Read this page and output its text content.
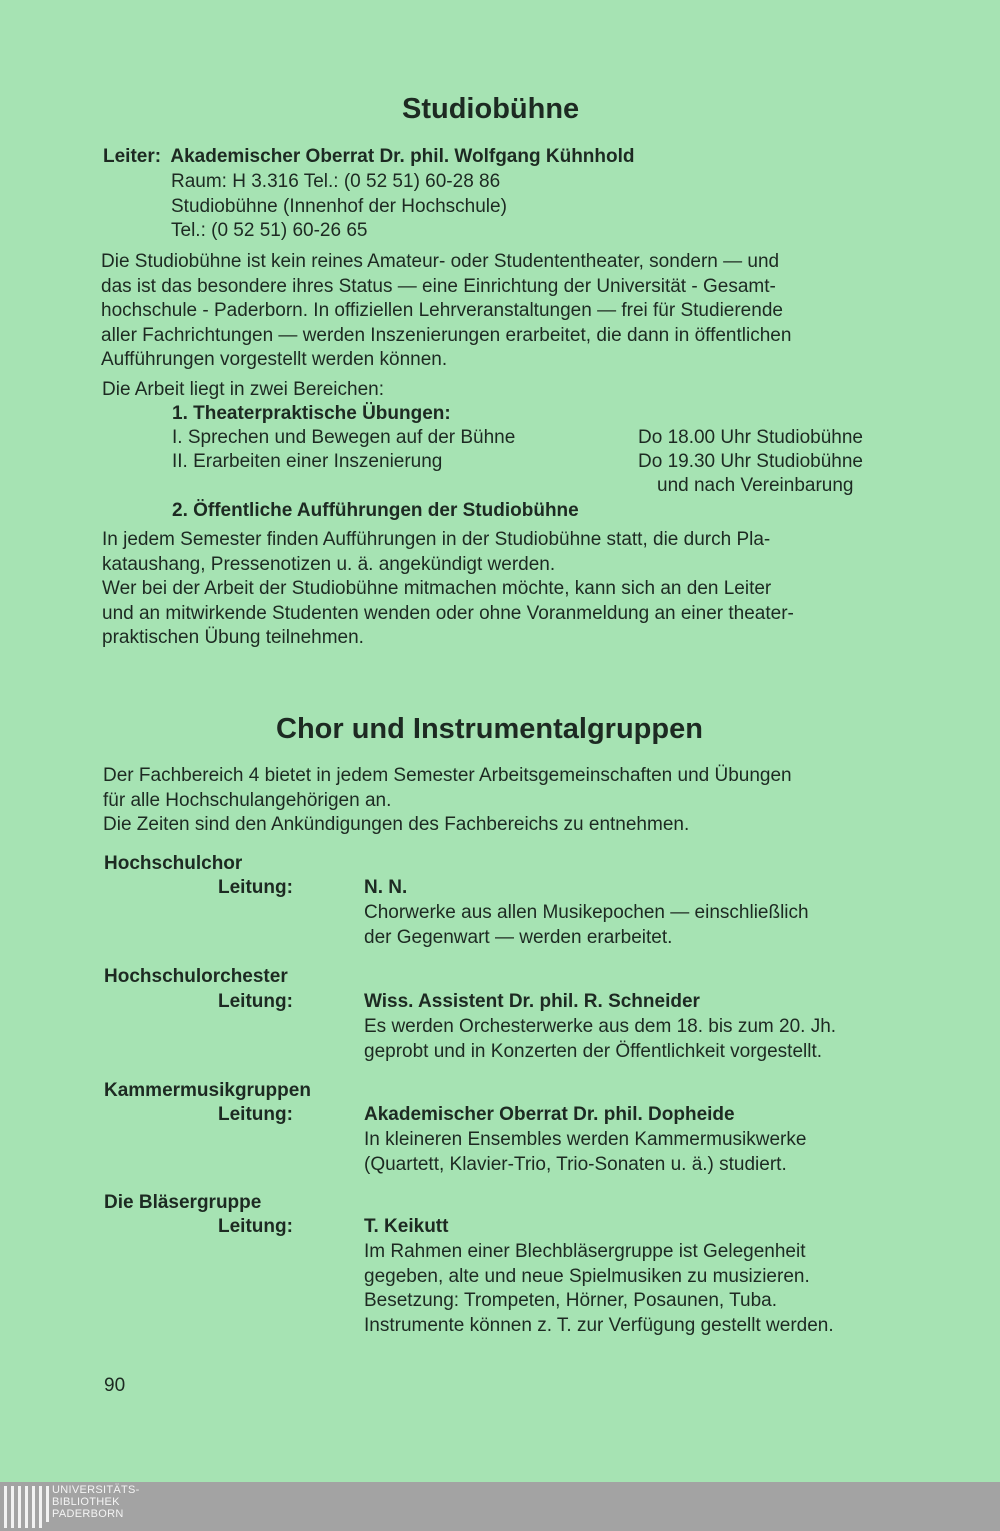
Studiobühne
Leiter: Akademischer Oberrat Dr. phil. Wolfgang Kühnhold
Raum: H 3.316 Tel.: (0 52 51) 60-28 86
Studiobühne (Innenhof der Hochschule)
Tel.: (0 52 51) 60-26 65
Die Studiobühne ist kein reines Amateur- oder Studententheater, sondern — und
das ist das besondere ihres Status — eine Einrichtung der Universität - Gesamt-
hochschule - Paderborn. In offiziellen Lehrveranstaltungen — frei für Studierende
aller Fachrichtungen — werden Inszenierungen erarbeitet, die dann in öffentlichen
Aufführungen vorgestellt werden können.
Die Arbeit liegt in zwei Bereichen:
1. Theaterpraktische Übungen:
I. Sprechen und Bewegen auf der Bühne	Do 18.00 Uhr Studiobühne
II. Erarbeiten einer Inszenierung	Do 19.30 Uhr Studiobühne
und nach Vereinbarung
2. Öffentliche Aufführungen der Studiobühne
In jedem Semester finden Aufführungen in der Studiobühne statt, die durch Pla-
kataushang, Pressenotizen u. ä. angekündigt werden.
Wer bei der Arbeit der Studiobühne mitmachen möchte, kann sich an den Leiter
und an mitwirkende Studenten wenden oder ohne Voranmeldung an einer theater-
praktischen Übung teilnehmen.
Chor und Instrumentalgruppen
Der Fachbereich 4 bietet in jedem Semester Arbeitsgemeinschaften und Übungen
für alle Hochschulangehörigen an.
Die Zeiten sind den Ankündigungen des Fachbereichs zu entnehmen.
Hochschulchor
Leitung:	N. N.
Chorwerke aus allen Musikepochen — einschließlich
der Gegenwart — werden erarbeitet.
Hochschulorchester
Leitung:	Wiss. Assistent Dr. phil. R. Schneider
Es werden Orchesterwerke aus dem 18. bis zum 20. Jh.
geprobt und in Konzerten der Öffentlichkeit vorgestellt.
Kammermusikgruppen
Leitung:	Akademischer Oberrat Dr. phil. Dopheide
In kleineren Ensembles werden Kammermusikwerke
(Quartett, Klavier-Trio, Trio-Sonaten u. ä.) studiert.
Die Bläsergruppe
Leitung:	T. Keikutt
Im Rahmen einer Blechbläsergruppe ist Gelegenheit
gegeben, alte und neue Spielmusiken zu musizieren.
Besetzung: Trompeten, Hörner, Posaunen, Tuba.
Instrumente können z. T. zur Verfügung gestellt werden.
90
UNIVERSITÄTS-
BIBLIOTHEK
PADERBORN
